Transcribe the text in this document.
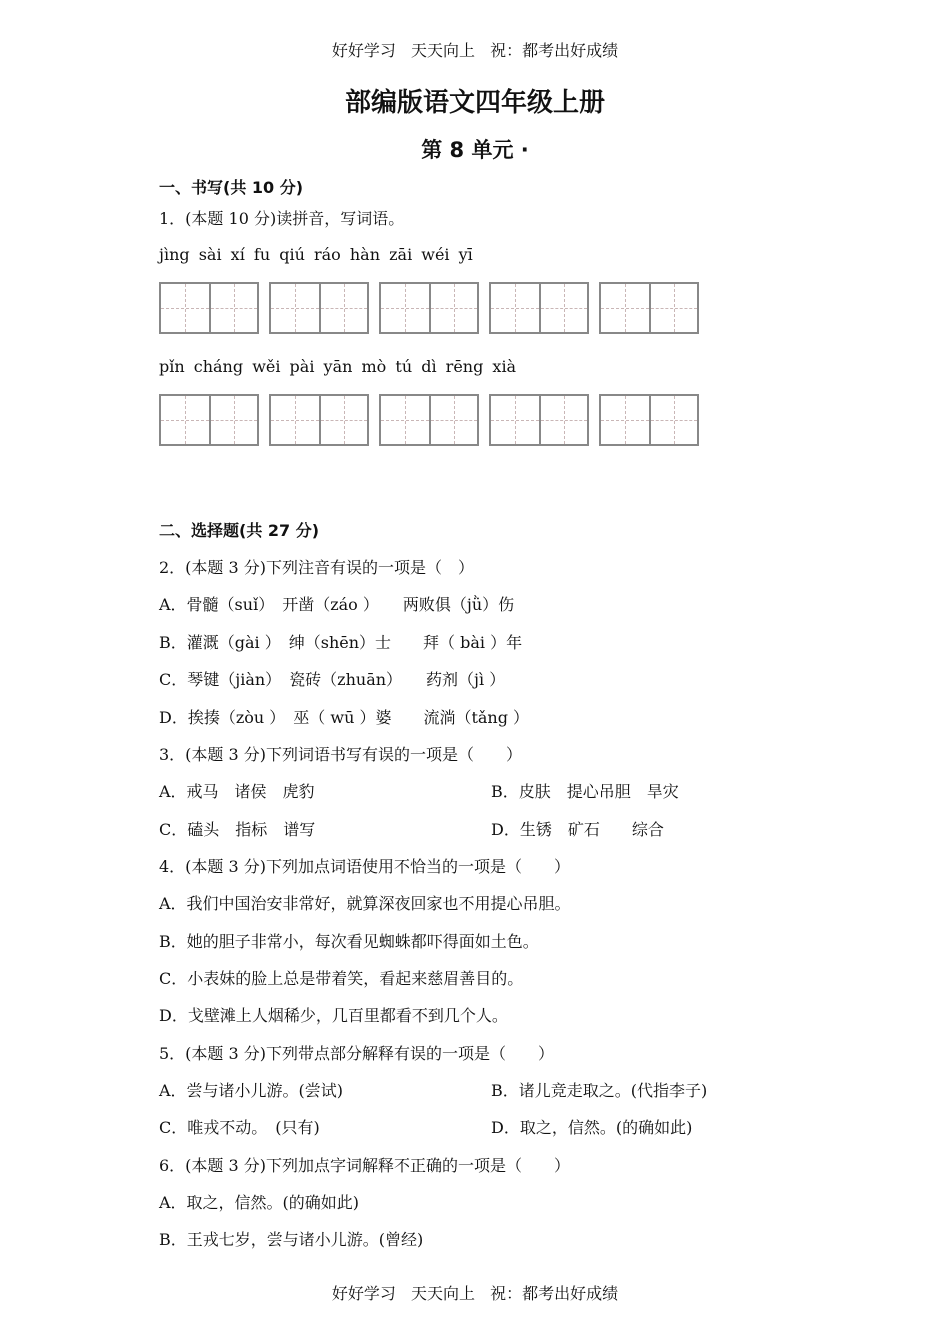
好好学习 天天向上 祝：都考出好成绩
部编版语文四年级上册
第 8 单元 ·
一、书写(共 10 分)
1．(本题 10 分)读拼音，写词语。
jìng sài xí fu qiú ráo hàn zāi wéi yī
pǐn cháng wěi pài yān mò tú dì rēng xià
二、选择题(共 27 分)
2．(本题 3 分)下列注音有误的一项是（　）
A．骨髓（suǐ）　开凿（záo ）　　两败俱（jǜ）伤
B．灌溉（gài ）　绅（shēn）士　　拜（ bài ）年
C．琴键（jiàn）　瓷砖（zhuān）　　药剂（jì ）
D．挨揍（zòu ）　巫（ wū ）婆　　流淌（tǎng ）
3．(本题 3 分)下列词语书写有误的一项是（　　）
A．戒马　诸侯　虎豹	B．皮肤　提心吊胆　旱灾
C．磕头　指标　谱写	D．生锈　矿石　　综合
4．(本题 3 分)下列加点词语使用不恰当的一项是（　　）
A．我们中国治安非常好，就算深夜回家也不用提心吊胆。
B．她的胆子非常小，每次看见蜘蛛都吓得面如土色。
C．小表妹的脸上总是带着笑，看起来慈眉善目的。
D．戈壁滩上人烟稀少，几百里都看不到几个人。
5．(本题 3 分)下列带点部分解释有误的一项是（　　）
A．尝与诸小儿游。(尝试)	B．诸儿竞走取之。(代指李子)
C．唯戎不动。　(只有)	D．取之，信然。(的确如此)
6．(本题 3 分)下列加点字词解释不正确的一项是（　　）
A．取之，信然。(的确如此)
B．王戎七岁，尝与诸小儿游。(曾经)
好好学习 天天向上 祝：都考出好成绩
